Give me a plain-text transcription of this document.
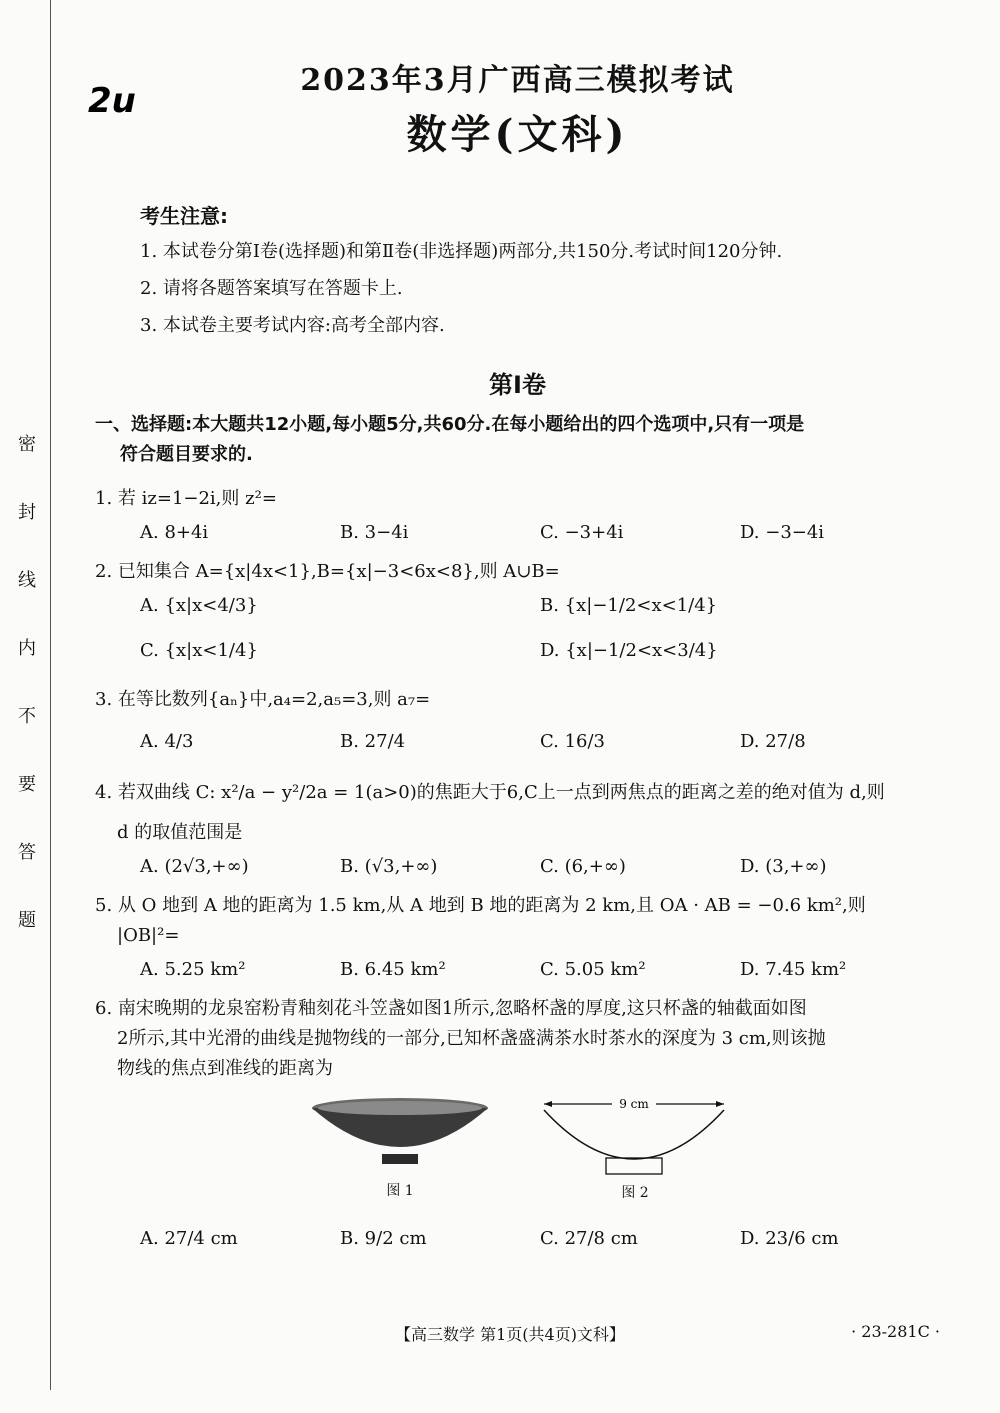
密
封
线
内
不
要
答
题
2u
2023年3月广西高三模拟考试
数学(文科)
考生注意:

1. 本试卷分第Ⅰ卷(选择题)和第Ⅱ卷(非选择题)两部分,共150分.考试时间120分钟.

2. 请将各题答案填写在答题卡上.

3. 本试卷主要考试内容:高考全部内容.

第Ⅰ卷
一、选择题:本大题共12小题,每小题5分,共60分.在每小题给出的四个选项中,只有一项是
符合题目要求的.
1. 若 iz=1−2i,则 z²=
A. 8+4i	B. 3−4i	C. −3+4i	D. −3−4i
2. 已知集合 A={x|4x<1},B={x|−3<6x<8},则 A∪B=
A. {x|x<4/3}	B. {x|−1/2<x<1/4}
C. {x|x<1/4}	D. {x|−1/2<x<3/4}
3. 在等比数列{aₙ}中,a₄=2,a₅=3,则 a₇=
A. 4/3	B. 27/4	C. 16/3	D. 27/8
4. 若双曲线 C: x²/a − y²/2a = 1(a>0)的焦距大于6,C上一点到两焦点的距离之差的绝对值为 d,则
d 的取值范围是
A. (2√3,+∞)	B. (√3,+∞)	C. (6,+∞)	D. (3,+∞)
5. 从 O 地到 A 地的距离为 1.5 km,从 A 地到 B 地的距离为 2 km,且 OA · AB = −0.6 km²,则
|OB|²=
A. 5.25 km²	B. 6.45 km²	C. 5.05 km²	D. 7.45 km²
6. 南宋晚期的龙泉窑粉青釉刻花斗笠盏如图1所示,忽略杯盏的厚度,这只杯盏的轴截面如图
2所示,其中光滑的曲线是抛物线的一部分,已知杯盏盛满茶水时茶水的深度为 3 cm,则该抛
物线的焦点到准线的距离为
图 1
9 cm
图 2
A. 27/4 cm	B. 9/2 cm	C. 27/8 cm	D. 23/6 cm
【高三数学 第1页(共4页)文科】	· 23-281C ·
